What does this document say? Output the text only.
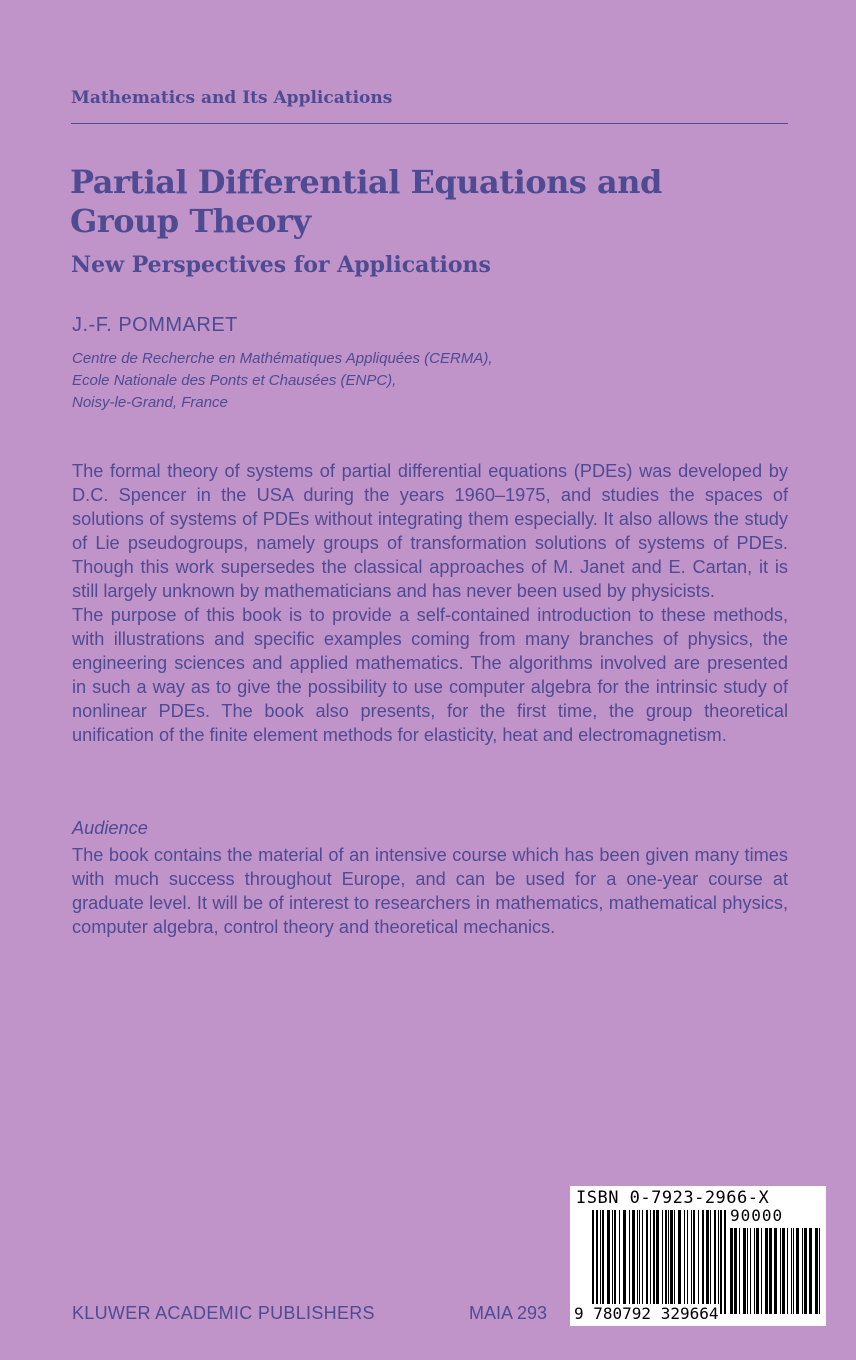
Mathematics and Its Applications
Partial Differential Equations and Group Theory
New Perspectives for Applications
J.-F. POMMARET
Centre de Recherche en Mathématiques Appliquées (CERMA),
Ecole Nationale des Ponts et Chausées (ENPC),
Noisy-le-Grand, France

The formal theory of systems of partial differential equations (PDEs) was developed by D.C. Spencer in the USA during the years 1960–1975, and studies the spaces of solutions of systems of PDEs without integrating them especially. It also allows the study of Lie pseudogroups, namely groups of transformation solutions of systems of PDEs. Though this work supersedes the classical approaches of M. Janet and E. Cartan, it is still largely unknown by mathematicians and has never been used by physicists.

The purpose of this book is to provide a self-contained introduction to these methods, with illustrations and specific examples coming from many branches of physics, the engineering sciences and applied mathematics. The algorithms involved are presented in such a way as to give the possibility to use computer algebra for the intrinsic study of nonlinear PDEs. The book also presents, for the first time, the group theoretical unification of the finite element methods for elasticity, heat and electromagnetism.

Audience

The book contains the material of an intensive course which has been given many times with much success throughout Europe, and can be used for a one-year course at graduate level. It will be of interest to researchers in mathematics, mathematical physics, computer algebra, control theory and theoretical mechanics.

KLUWER ACADEMIC PUBLISHERS	MAIA 293
ISBN 0-7923-2966-X
90000
9 780792 329664
